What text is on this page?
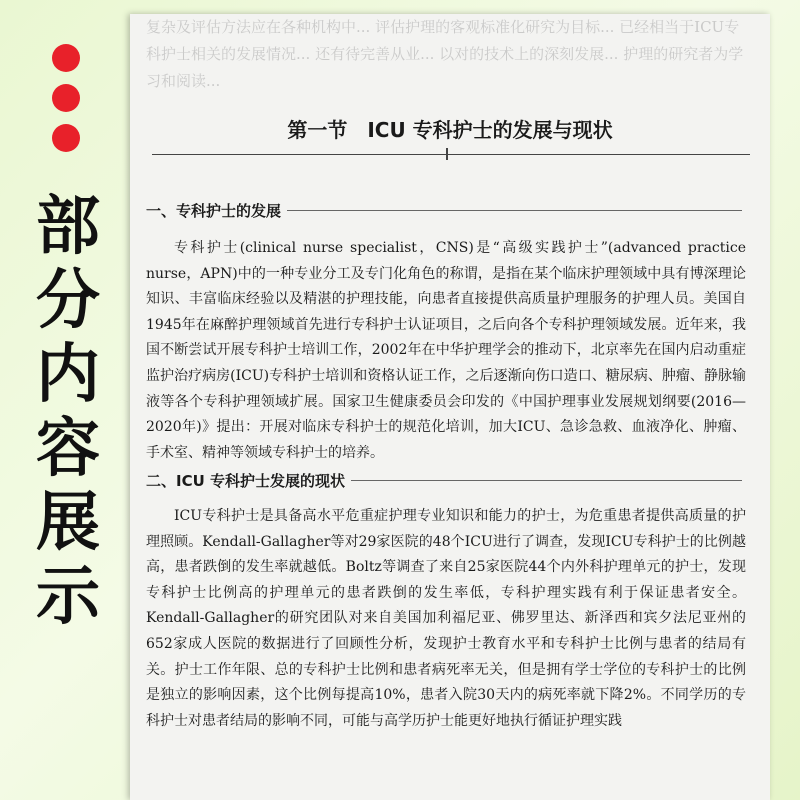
部
分
内
容
展
示
复杂及评估方法应在各种机构中... 评估护理的客观标准化研究为目标... 已经相当于ICU专科护士相关的发展情况... 还有待完善从业... 以对的技术上的深刻发展... 护理的研究者为学习和阅读...
第一节　ICU 专科护士的发展与现状
一、专科护士的发展
专科护士(clinical nurse specialist，CNS)是“高级实践护士”(advanced practice nurse，APN)中的一种专业分工及专门化角色的称谓，是指在某个临床护理领域中具有博深理论知识、丰富临床经验以及精湛的护理技能，向患者直接提供高质量护理服务的护理人员。美国自1945年在麻醉护理领域首先进行专科护士认证项目，之后向各个专科护理领域发展。近年来，我国不断尝试开展专科护士培训工作，2002年在中华护理学会的推动下，北京率先在国内启动重症监护治疗病房(ICU)专科护士培训和资格认证工作，之后逐渐向伤口造口、糖尿病、肿瘤、静脉输液等各个专科护理领域扩展。国家卫生健康委员会印发的《中国护理事业发展规划纲要(2016—2020年)》提出：开展对临床专科护士的规范化培训，加大ICU、急诊急救、血液净化、肿瘤、手术室、精神等领域专科护士的培养。
二、ICU 专科护士发展的现状
ICU专科护士是具备高水平危重症护理专业知识和能力的护士，为危重患者提供高质量的护理照顾。Kendall-Gallagher等对29家医院的48个ICU进行了调查，发现ICU专科护士的比例越高，患者跌倒的发生率就越低。Boltz等调查了来自25家医院44个内外科护理单元的护士，发现专科护士比例高的护理单元的患者跌倒的发生率低，专科护理实践有利于保证患者安全。Kendall-Gallagher的研究团队对来自美国加利福尼亚、佛罗里达、新泽西和宾夕法尼亚州的652家成人医院的数据进行了回顾性分析，发现护士教育水平和专科护士比例与患者的结局有关。护士工作年限、总的专科护士比例和患者病死率无关，但是拥有学士学位的专科护士的比例是独立的影响因素，这个比例每提高10%，患者入院30天内的病死率就下降2%。不同学历的专科护士对患者结局的影响不同，可能与高学历护士能更好地执行循证护理实践
